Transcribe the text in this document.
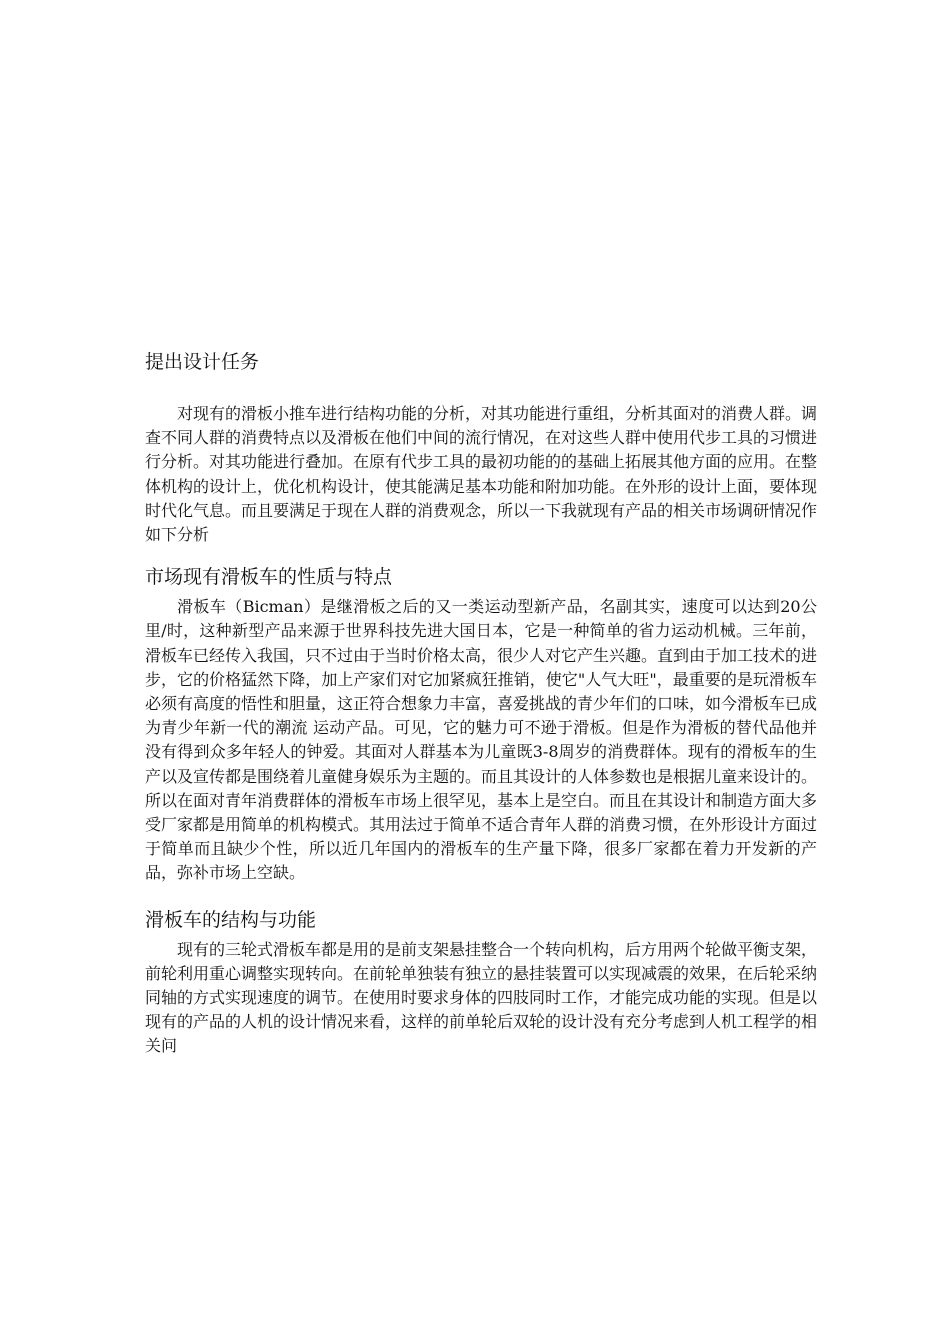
提出设计任务

对现有的滑板小推车进行结构功能的分析，对其功能进行重组，分析其面对的消费人群。调查不同人群的消费特点以及滑板在他们中间的流行情况，在对这些人群中使用代步工具的习惯进行分析。对其功能进行叠加。在原有代步工具的最初功能的的基础上拓展其他方面的应用。在整体机构的设计上，优化机构设计，使其能满足基本功能和附加功能。在外形的设计上面，要体现时代化气息。而且要满足于现在人群的消费观念，所以一下我就现有产品的相关市场调研情况作如下分析

市场现有滑板车的性质与特点

滑板车（Bicman）是继滑板之后的又一类运动型新产品，名副其实，速度可以达到20公里/时，这种新型产品来源于世界科技先进大国日本，它是一种简单的省力运动机械。三年前，滑板车已经传入我国，只不过由于当时价格太高，很少人对它产生兴趣。直到由于加工技术的进步，它的价格猛然下降，加上产家们对它加紧疯狂推销，使它"人气大旺"，最重要的是玩滑板车必须有高度的悟性和胆量，这正符合想象力丰富，喜爱挑战的青少年们的口味，如今滑板车已成为青少年新一代的潮流 运动产品。可见，它的魅力可不逊于滑板。但是作为滑板的替代品他并没有得到众多年轻人的钟爱。其面对人群基本为儿童既3-8周岁的消费群体。现有的滑板车的生产以及宣传都是围绕着儿童健身娱乐为主题的。而且其设计的人体参数也是根据儿童来设计的。所以在面对青年消费群体的滑板车市场上很罕见，基本上是空白。而且在其设计和制造方面大多受厂家都是用简单的机构模式。其用法过于简单不适合青年人群的消费习惯，在外形设计方面过于简单而且缺少个性，所以近几年国内的滑板车的生产量下降，很多厂家都在着力开发新的产品，弥补市场上空缺。

滑板车的结构与功能

现有的三轮式滑板车都是用的是前支架悬挂整合一个转向机构，后方用两个轮做平衡支架，前轮利用重心调整实现转向。在前轮单独装有独立的悬挂装置可以实现减震的效果，在后轮采纳同轴的方式实现速度的调节。在使用时要求身体的四肢同时工作，才能完成功能的实现。但是以现有的产品的人机的设计情况来看，这样的前单轮后双轮的设计没有充分考虑到人机工程学的相关问
